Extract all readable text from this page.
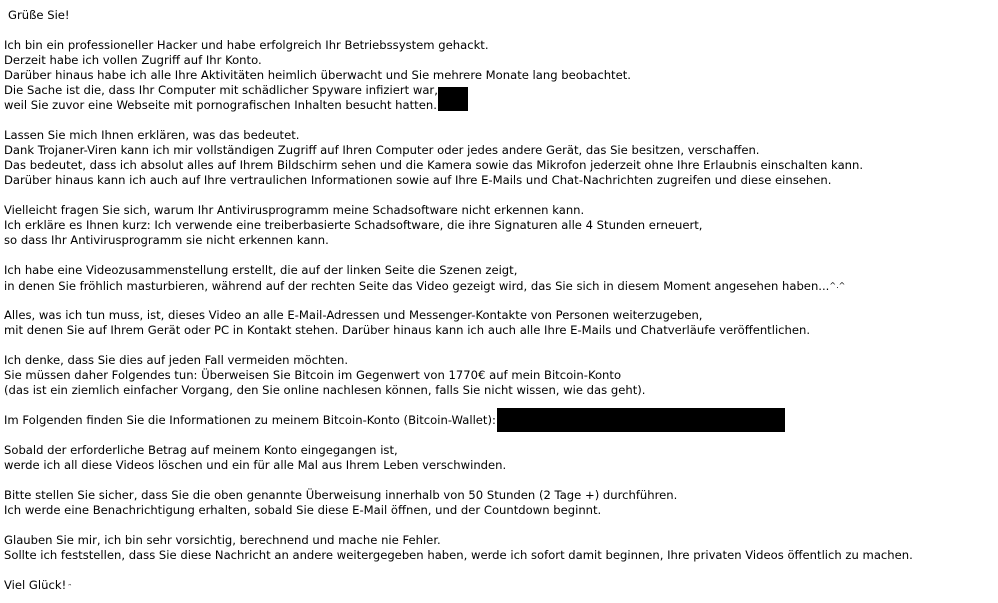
Grüße Sie!

Ich bin ein professioneller Hacker und habe erfolgreich Ihr Betriebssystem gehackt.
Derzeit habe ich vollen Zugriff auf Ihr Konto.
Darüber hinaus habe ich alle Ihre Aktivitäten heimlich überwacht und Sie mehrere Monate lang beobachtet.
Die Sache ist die, dass Ihr Computer mit schädlicher Spyware infiziert war,
weil Sie zuvor eine Webseite mit pornografischen Inhalten besucht hatten.

Lassen Sie mich Ihnen erklären, was das bedeutet.
Dank Trojaner-Viren kann ich mir vollständigen Zugriff auf Ihren Computer oder jedes andere Gerät, das Sie besitzen, verschaffen.
Das bedeutet, dass ich absolut alles auf Ihrem Bildschirm sehen und die Kamera sowie das Mikrofon jederzeit ohne Ihre Erlaubnis einschalten kann.
Darüber hinaus kann ich auch auf Ihre vertraulichen Informationen sowie auf Ihre E-Mails und Chat-Nachrichten zugreifen und diese einsehen.

Vielleicht fragen Sie sich, warum Ihr Antivirusprogramm meine Schadsoftware nicht erkennen kann.
Ich erkläre es Ihnen kurz: Ich verwende eine treiberbasierte Schadsoftware, die ihre Signaturen alle 4 Stunden erneuert,
so dass Ihr Antivirusprogramm sie nicht erkennen kann.

Ich habe eine Videozusammenstellung erstellt, die auf der linken Seite die Szenen zeigt,
in denen Sie fröhlich masturbieren, während auf der rechten Seite das Video gezeigt wird, das Sie sich in diesem Moment angesehen haben...^.^

Alles, was ich tun muss, ist, dieses Video an alle E-Mail-Adressen und Messenger-Kontakte von Personen weiterzugeben,
mit denen Sie auf Ihrem Gerät oder PC in Kontakt stehen. Darüber hinaus kann ich auch alle Ihre E-Mails und Chatverläufe veröffentlichen.

Ich denke, dass Sie dies auf jeden Fall vermeiden möchten.
Sie müssen daher Folgendes tun: Überweisen Sie Bitcoin im Gegenwert von 1770€ auf mein Bitcoin-Konto
(das ist ein ziemlich einfacher Vorgang, den Sie online nachlesen können, falls Sie nicht wissen, wie das geht).

Im Folgenden finden Sie die Informationen zu meinem Bitcoin-Konto (Bitcoin-Wallet):

Sobald der erforderliche Betrag auf meinem Konto eingegangen ist,
werde ich all diese Videos löschen und ein für alle Mal aus Ihrem Leben verschwinden.

Bitte stellen Sie sicher, dass Sie die oben genannte Überweisung innerhalb von 50 Stunden (2 Tage +) durchführen.
Ich werde eine Benachrichtigung erhalten, sobald Sie diese E-Mail öffnen, und der Countdown beginnt.

Glauben Sie mir, ich bin sehr vorsichtig, berechnend und mache nie Fehler.
Sollte ich feststellen, dass Sie diese Nachricht an andere weitergegeben haben, werde ich sofort damit beginnen, Ihre privaten Videos öffentlich zu machen.

Viel Glück! ᵔ
